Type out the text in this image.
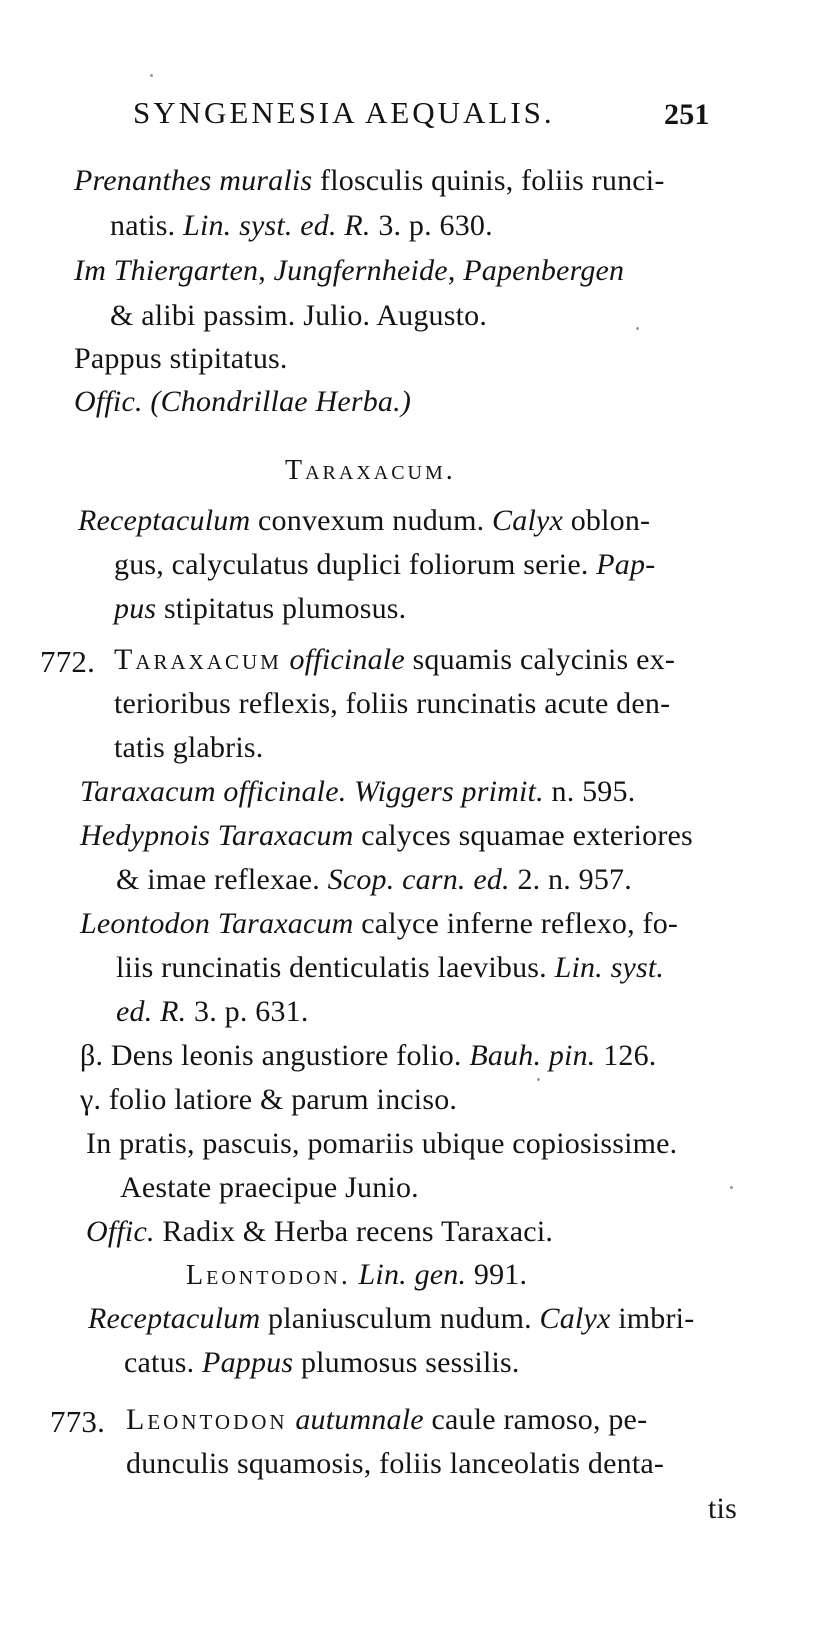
SYNGENESIA AEQUALIS.	251
Prenanthes muralis flosculis quinis, foliis runci-
natis. Lin. syst. ed. R. 3. p. 630.
Im Thiergarten, Jungfernheide, Papenbergen
& alibi passim. Julio. Augusto.
Pappus stipitatus.
Offic. (Chondrillae Herba.)
Taraxacum.
Receptaculum convexum nudum. Calyx oblon-
gus, calyculatus duplici foliorum serie. Pap-
pus stipitatus plumosus.
772. Taraxacum officinale squamis calycinis ex-
terioribus reflexis, foliis runcinatis acute den-
tatis glabris.
Taraxacum officinale. Wiggers primit. n. 595.
Hedypnois Taraxacum calyces squamae exteriores
& imae reflexae. Scop. carn. ed. 2. n. 957.
Leontodon Taraxacum calyce inferne reflexo, fo-
liis runcinatis denticulatis laevibus. Lin. syst.
ed. R. 3. p. 631.
β. Dens leonis angustiore folio. Bauh. pin. 126.
γ. folio latiore & parum inciso.
In pratis, pascuis, pomariis ubique copiosissime.
Aestate praecipue Junio.
Offic. Radix & Herba recens Taraxaci.
Leontodon. Lin. gen. 991.
Receptaculum planiusculum nudum. Calyx imbri-
catus. Pappus plumosus sessilis.
773. Leontodon autumnale caule ramoso, pe-
dunculis squamosis, foliis lanceolatis denta-
tis
